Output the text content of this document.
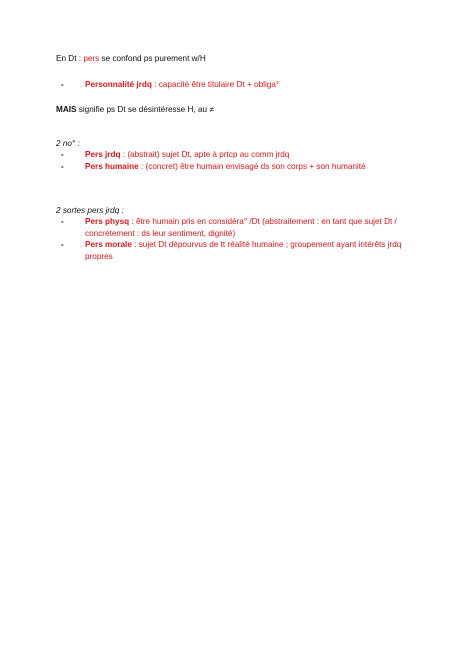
En Dt : pers se confond ps purement w/H

-	Personnalité jrdq : capacité être titulaire Dt + obliga°

MAIS signifie ps Dt se désintéresse H, au ≠

2 no° :

-	Pers jrdq : (abstrait) sujet Dt, apte à prtcp au comm jrdq
-	Pers humaine : (concret) être humain envisagé ds son corps + son humanité

2 sortes pers jrdq :

-	Pers physq : être humain pris en considéra° /Dt (abstraitement : en tant que sujet Dt / concrètement : ds leur sentiment, dignité)
-	Pers morale : sujet Dt dépourvus de tt réalité humaine ; groupement ayant intérêts jrdq propres
